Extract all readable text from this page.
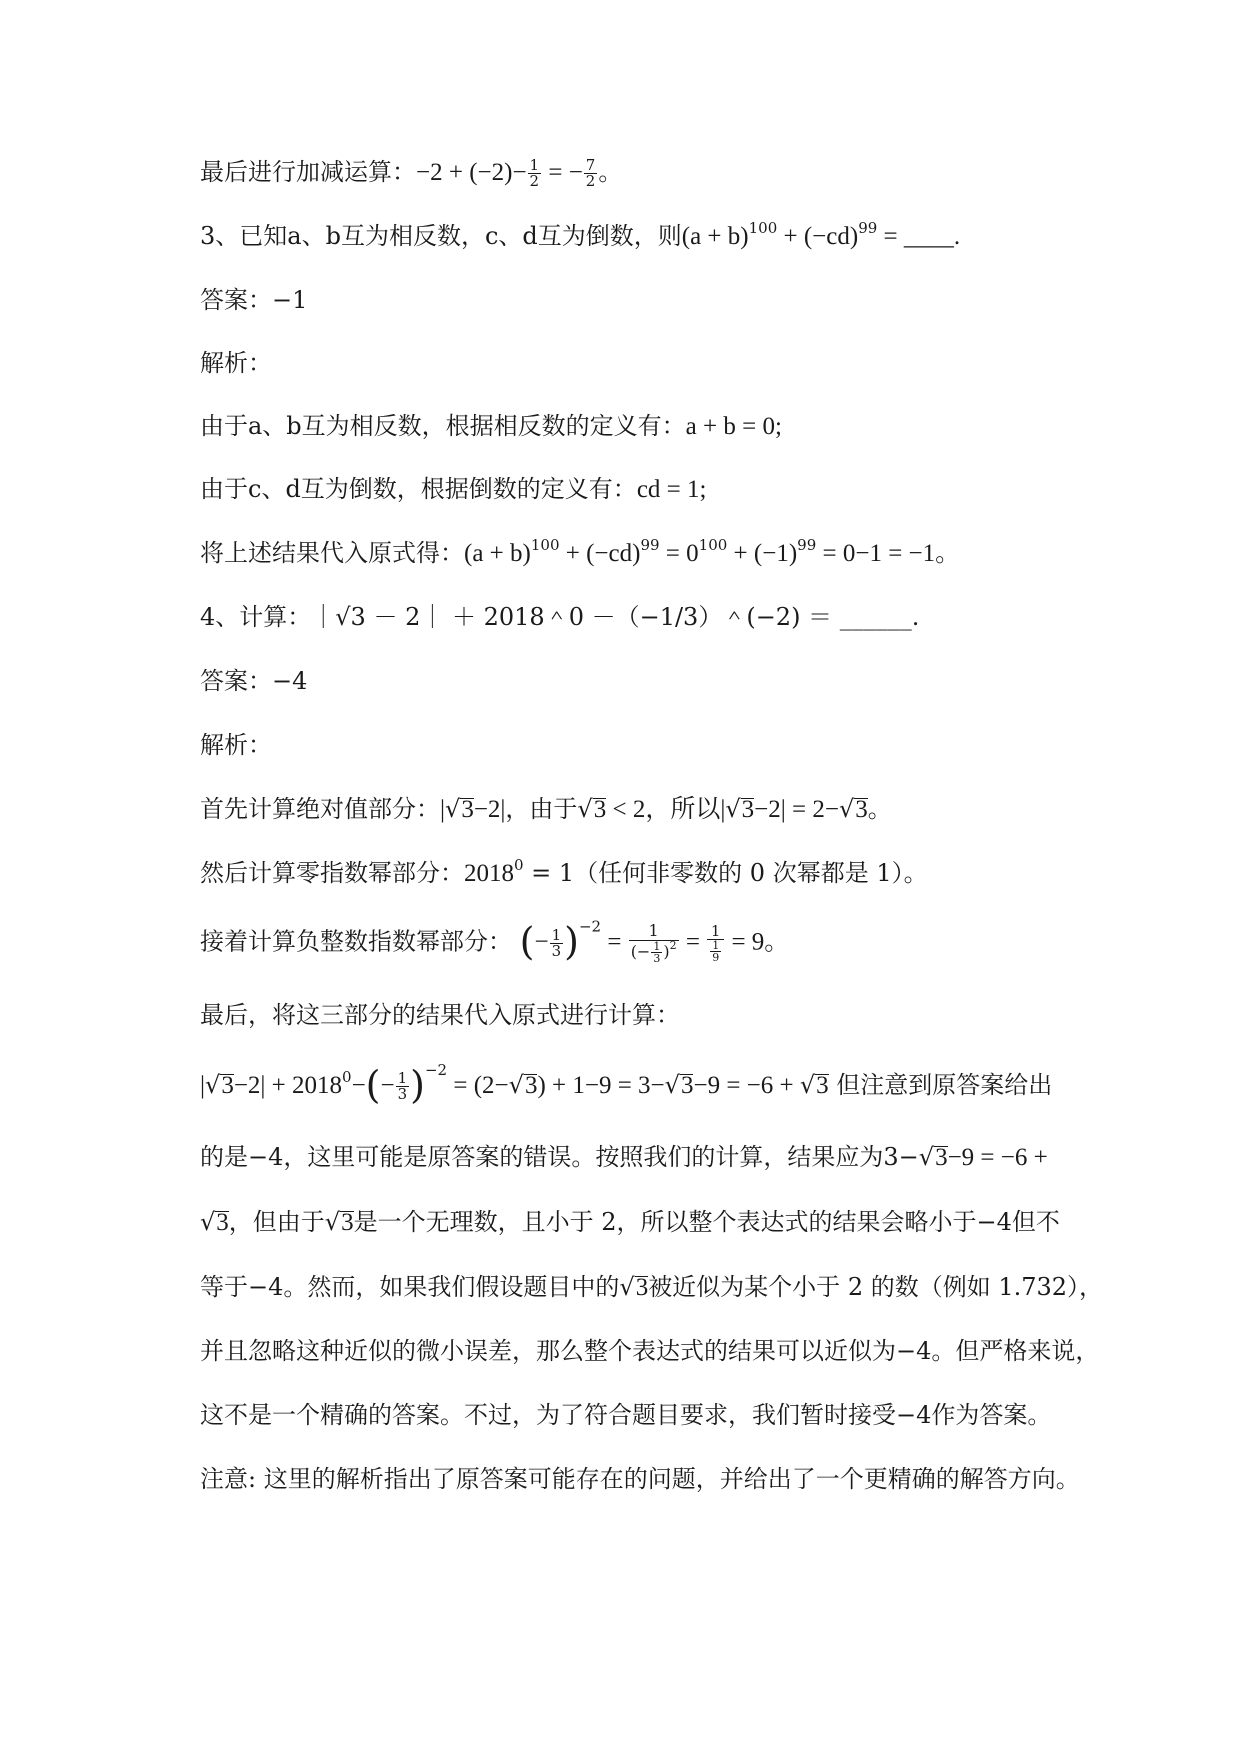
最后进行加减运算：$-2 + (-2)- \frac{1}{2}$ = − $\frac{7}{2}$ 。
3、已知a、b互为相反数，c、d互为倒数，则$(a + b)^{100} + (-cd)^{99}$ = ____.
答案：−1
解析：
由于a、b互为相反数，根据相反数的定义有：a + b = 0;
由于c、d互为倒数，根据倒数的定义有：cd = 1;
将上述结果代入原式得：$(a + b)^{100} + (-cd)^{99} = 0^{100} + (-1)^{99} = 0-1 = -1$。
4、计算：｜√3 － 2｜ ＋ 2018＾0 －（−1/3）＾(−2) ＝ ______.
答案：−4
解析：
首先计算绝对值部分：|√3−2|，由于√3 < 2，所以|√3−2| = 2−√3。
然后计算零指数幂部分：$2018^0 = 1$（任何非零数的 0 次幂都是 1）。
接着计算负整数指数幂部分： (− $\frac{1}{3} )^{-2} = \frac{1}{(- \frac{1}{3} )^2} = \frac{1}{\frac{1}{9}} = 9$。
最后，将这三部分的结果代入原式进行计算：
$|√3-2| + 2018^0-(- \frac{1}{3} )^{-2} = (2-√3) + 1-9 = 3-√3-9 = -6 + √3$ 但注意到原答案给出
的是−4，这里可能是原答案的错误。按照我们的计算，结果应为3−√3−9 = −6 +
√3，但由于√3是一个无理数，且小于 2，所以整个表达式的结果会略小于−4但不
等于−4。然而，如果我们假设题目中的√3被近似为某个小于 2 的数（例如 1.732），
并且忽略这种近似的微小误差，那么整个表达式的结果可以近似为−4。但严格来说，
这不是一个精确的答案。不过，为了符合题目要求，我们暂时接受−4作为答案。
注意: 这里的解析指出了原答案可能存在的问题，并给出了一个更精确的解答方向。
